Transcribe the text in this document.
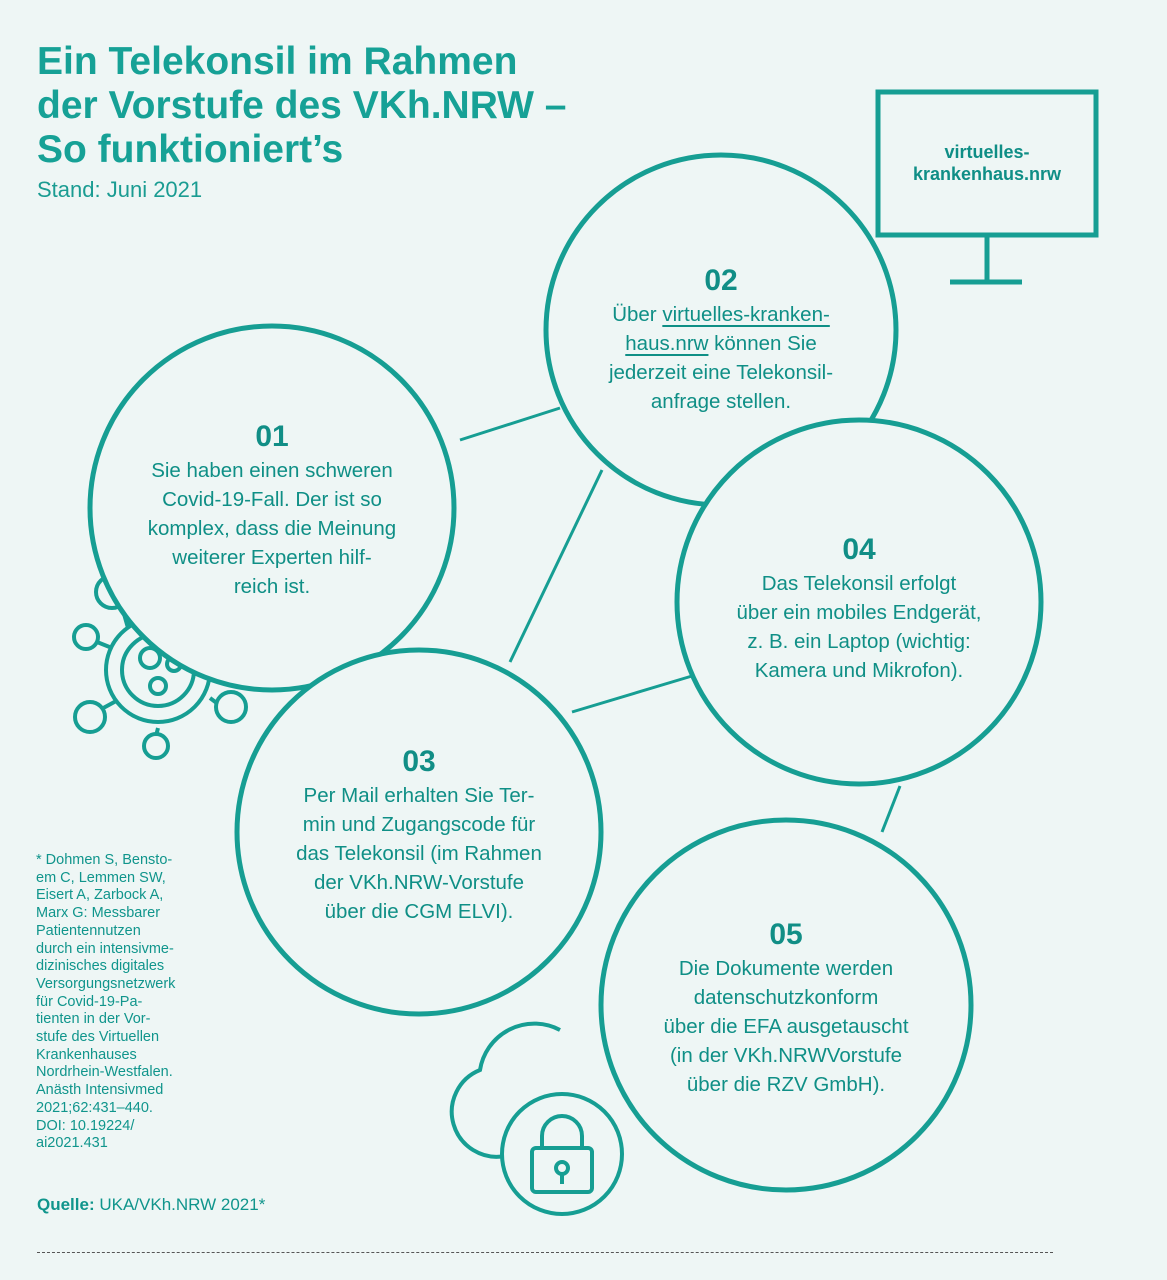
Ein Telekonsil im Rahmen
der Vorstufe des VKh.NRW –
So funktioniert’s
Stand: Juni 2021
virtuelles-
krankenhaus.nrw
01
Sie haben einen schweren
Covid-19-Fall. Der ist so
komplex, dass die Meinung
weiterer Experten hilf-
reich ist.
02
Über virtuelles-kranken-
haus.nrw können Sie
jederzeit eine Telekonsil-
anfrage stellen.
04
Das Telekonsil erfolgt
über ein mobiles Endgerät,
z. B. ein Laptop (wichtig:
Kamera und Mikrofon).
03
Per Mail erhalten Sie Ter-
min und Zugangscode für
das Telekonsil (im Rahmen
der VKh.NRW-Vorstufe
über die CGM ELVI).
05
Die Dokumente werden
datenschutzkonform
über die EFA ausgetauscht
(in der VKh.NRWVorstufe
über die RZV GmbH).
* Dohmen S, Bensto-
em C, Lemmen SW,
Eisert A, Zarbock A,
Marx G: Messbarer
Patientennutzen
durch ein intensivme-
dizinisches digitales
Versorgungsnetzwerk
für Covid-19-Pa-
tienten in der Vor-
stufe des Virtuellen
Krankenhauses
Nordrhein-Westfalen.
Anästh Intensivmed
2021;62:431–440.
DOI: 10.19224/
ai2021.431
Quelle: UKA/VKh.NRW 2021*
